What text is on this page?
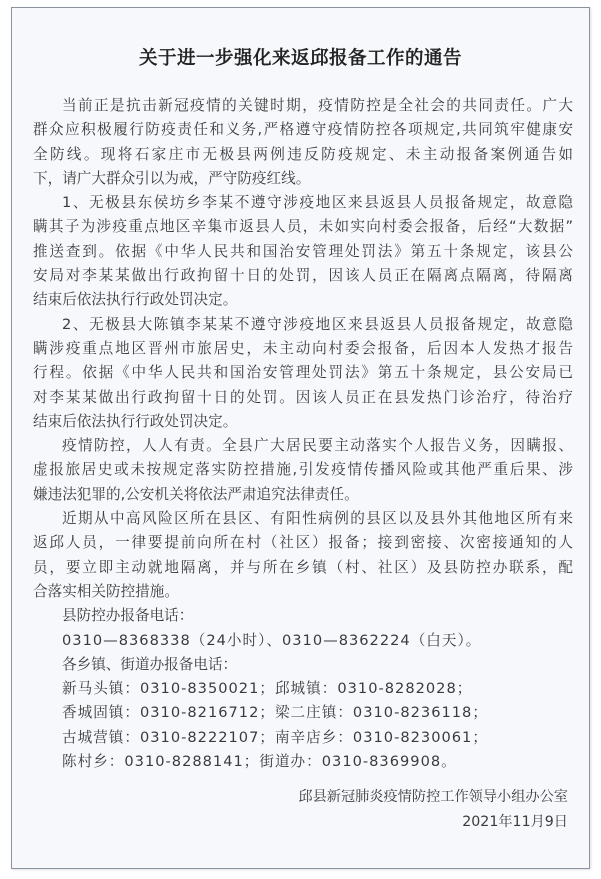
关于进一步强化来返邱报备工作的通告
当前正是抗击新冠疫情的关键时期，疫情防控是全社会的共同责任。广大
群众应积极履行防疫责任和义务,严格遵守疫情防控各项规定,共同筑牢健康安
全防线。现将石家庄市无极县两例违反防疫规定、未主动报备案例通告如
下，请广大群众引以为戒，严守防疫红线。
1、无极县东侯坊乡李某不遵守涉疫地区来县返县人员报备规定，故意隐
瞒其子为涉疫重点地区辛集市返县人员，未如实向村委会报备，后经“大数据”
推送查到。依据《中华人民共和国治安管理处罚法》第五十条规定，该县公
安局对李某某做出行政拘留十日的处罚，因该人员正在隔离点隔离，待隔离
结束后依法执行行政处罚决定。
2、无极县大陈镇李某某不遵守涉疫地区来县返县人员报备规定，故意隐
瞒涉疫重点地区晋州市旅居史，未主动向村委会报备，后因本人发热才报告
行程。依据《中华人民共和国治安管理处罚法》第五十条规定，县公安局已
对李某某做出行政拘留十日的处罚。因该人员正在县发热门诊治疗，待治疗
结束后依法执行行政处罚决定。
疫情防控，人人有责。全县广大居民要主动落实个人报告义务，因瞒报、
虚报旅居史或未按规定落实防控措施,引发疫情传播风险或其他严重后果、涉
嫌违法犯罪的,公安机关将依法严肃追究法律责任。
近期从中高风险区所在县区、有阳性病例的县区以及县外其他地区所有来
返邱人员，一律要提前向所在村（社区）报备；接到密接、次密接通知的人
员，要立即主动就地隔离，并与所在乡镇（村、社区）及县防控办联系，配
合落实相关防控措施。
县防控办报备电话：
0310—8368338（24小时）、0310—8362224（白天）。
各乡镇、街道办报备电话：
新马头镇：0310-8350021；邱城镇：0310-8282028；
香城固镇：0310-8216712；梁二庄镇：0310-8236118；
古城营镇：0310-8222107；南辛店乡：0310-8230061；
陈村乡：0310-8288141；街道办：0310-8369908。
邱县新冠肺炎疫情防控工作领导小组办公室
2021年11月9日
